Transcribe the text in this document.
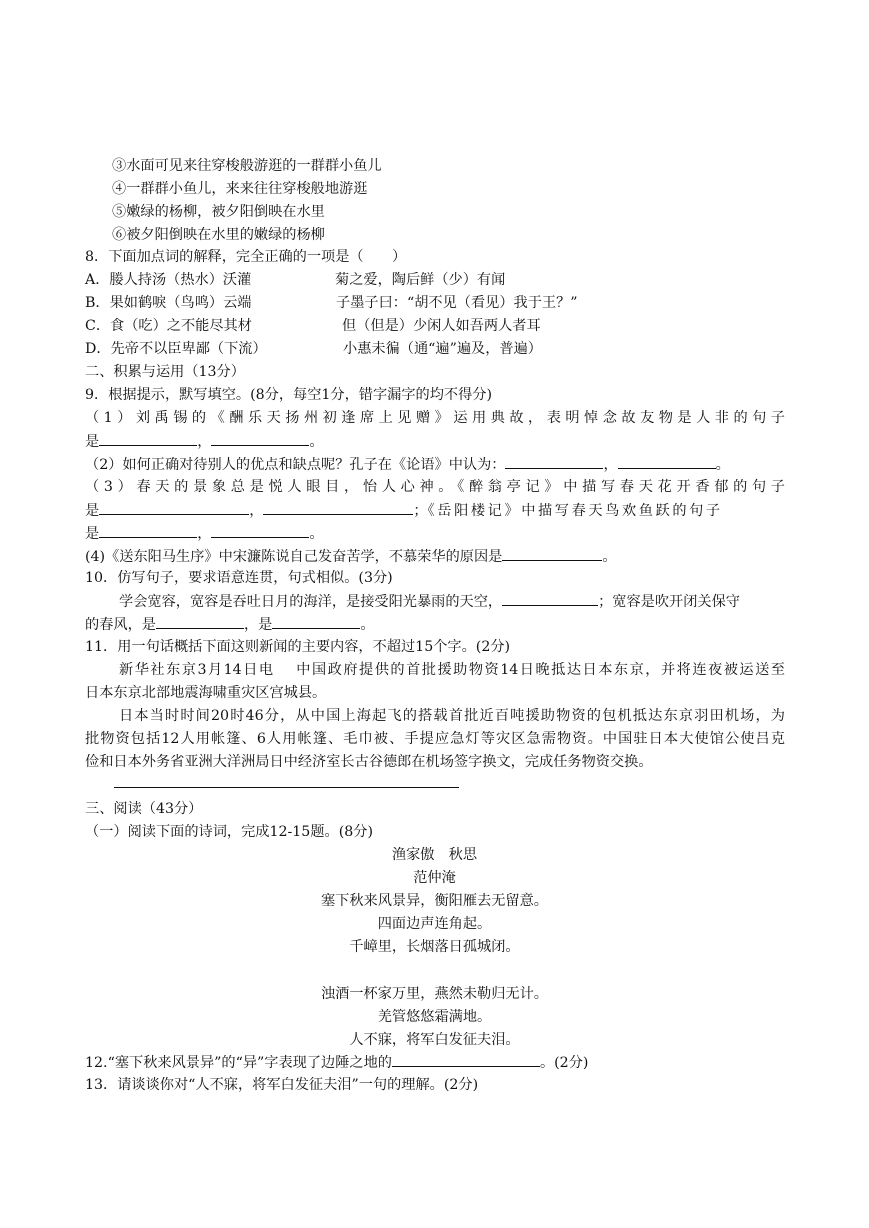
③水面可见来往穿梭般游逛的一群群小鱼儿
④一群群小鱼儿，来来往往穿梭般地游逛
⑤嫩绿的杨柳，被夕阳倒映在水里
⑥被夕阳倒映在水里的嫩绿的杨柳
8．下面加点词的解释，完全正确的一项是（　　）
A．媵人持汤（热水）沃灌	菊之爱，陶后鲜（少）有闻
B．果如鹤唳（鸟鸣）云端	子墨子曰：“胡不见（看见）我于王？”
C．食（吃）之不能尽其材	但（但是）少闲人如吾两人者耳
D．先帝不以臣卑鄙（下流）	小惠未徧（通“遍”遍及，普遍）
二、积累与运用（13分）
9．根据提示，默写填空。(8分，每空1分，错字漏字的均不得分)
（1）刘禹锡的《酬乐天扬州初逢席上见赠》运用典故，表明悼念故友物是人非的句子
是	，	。
（2）如何正确对待别人的优点和缺点呢？孔子在《论语》中认为：	，	。
（3）春天的景象总是悦人眼目，怡人心神。《醉翁亭记》中描写春天花开香郁的句子
是	，	；《岳阳楼记》中描写春天鸟欢鱼跃的句子
是	，	。
(4)《送东阳马生序》中宋濂陈说自己发奋苦学，不慕荣华的原因是	。
10．仿写句子，要求语意连贯，句式相似。(3分)
学会宽容，宽容是吞吐日月的海洋，是接受阳光暴雨的天空，	；宽容是吹开闭关保守
的春风，是	，是	。
11．用一句话概括下面这则新闻的主要内容，不超过15个字。(2分)
新华社东京3月14日电　 中国政府提供的首批援助物资14日晚抵达日本东京，并将连夜被运送至
日本东京北部地震海啸重灾区宫城县。
日本当时时间20时46分，从中国上海起飞的搭载首批近百吨援助物资的包机抵达东京羽田机场，为
批物资包括12人用帐篷、6人用帐篷、毛巾被、手提应急灯等灾区急需物资。中国驻日本大使馆公使吕克
俭和日本外务省亚洲大洋洲局日中经济室长古谷德郎在机场签字换文，完成任务物资交换。
三、阅读（43分）
（一）阅读下面的诗词，完成12-15题。(8分)
渔家傲　秋思
范仲淹
塞下秋来风景异，衡阳雁去无留意。
四面边声连角起。
千嶂里，长烟落日孤城闭。
浊酒一杯家万里，燕然未勒归无计。
羌管悠悠霜满地。
人不寐，将军白发征夫泪。
12.“塞下秋来风景异”的“异”字表现了边陲之地的	。(2分)
13．请谈谈你对“人不寐，将军白发征夫泪”一句的理解。(2分)
